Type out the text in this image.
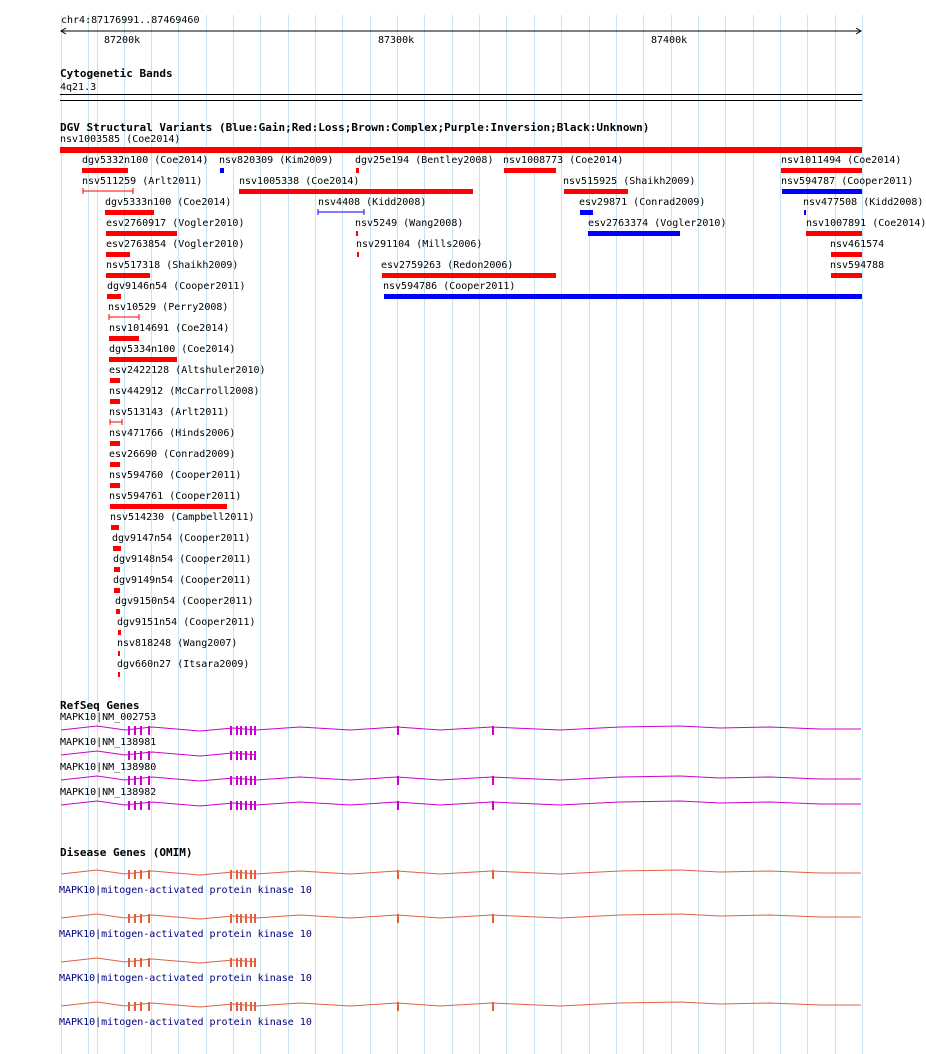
chr4:87176991..87469460
87200k	87300k	87400k
Cytogenetic Bands
4q21.3
DGV Structural Variants (Blue:Gain;Red:Loss;Brown:Complex;Purple:Inversion;Black:Unknown)
nsv1003585 (Coe2014)
dgv5332n100 (Coe2014) nsv820309 (Kim2009) dgv25e194 (Bentley2008) nsv1008773 (Coe2014)	nsv1011494 (Coe2014)
nsv511259 (Arlt2011)	nsv1005338 (Coe2014)	nsv515925 (Shaikh2009)	nsv594787 (Cooper2011)
dgv5333n100 (Coe2014)	nsv4408 (Kidd2008)	esv29871 (Conrad2009)	nsv477508 (Kidd2008)
esv2760917 (Vogler2010)	nsv5249 (Wang2008)	esv2763374 (Vogler2010)	nsv1007891 (Coe2014)
esv2763854 (Vogler2010)	nsv291104 (Mills2006)	nsv461574
nsv517318 (Shaikh2009)	esv2759263 (Redon2006)	nsv594788
dgv9146n54 (Cooper2011)	nsv594786 (Cooper2011)
nsv10529 (Perry2008)
nsv1014691 (Coe2014)
dgv5334n100 (Coe2014)
esv2422128 (Altshuler2010)
nsv442912 (McCarroll2008)
nsv513143 (Arlt2011)
nsv471766 (Hinds2006)
esv26690 (Conrad2009)
nsv594760 (Cooper2011)
nsv594761 (Cooper2011)
nsv514230 (Campbell2011)
dgv9147n54 (Cooper2011)
dgv9148n54 (Cooper2011)
dgv9149n54 (Cooper2011)
dgv9150n54 (Cooper2011)
dgv9151n54 (Cooper2011)
nsv818248 (Wang2007)
dgv660n27 (Itsara2009)
RefSeq Genes
MAPK10|NM_002753
MAPK10|NM_138981
MAPK10|NM_138980
MAPK10|NM_138982
Disease Genes (OMIM)
MAPK10|mitogen-activated protein kinase 10
MAPK10|mitogen-activated protein kinase 10
MAPK10|mitogen-activated protein kinase 10
MAPK10|mitogen-activated protein kinase 10
